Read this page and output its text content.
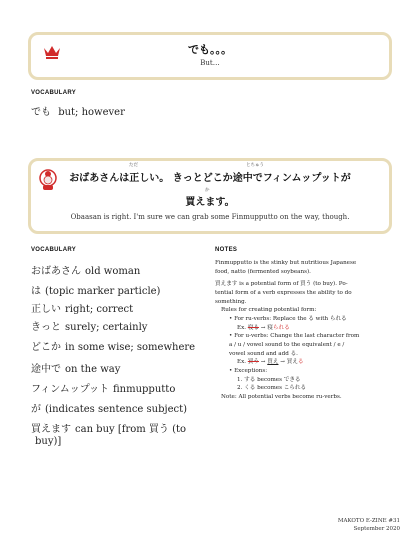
でも。。。
But…
VOCABULARY
でも but; however
ただ	とちゅう
おばあさんは正しい。 きっとどこか途中でフィンムップットが
か
買えます。
Obaasan is right. I'm sure we can grab some Finmupputto on the way, though.
VOCABULARY
おばあさん old woman
は (topic marker particle)
正しい right; correct
きっと surely; certainly
どこか in some wise; somewhere
途中で on the way
フィンムップット finmupputto
が (indicates sentence subject)
買えます can buy [from 買う (to
buy)]
NOTES
Finmupputto is the stinky but nutritious Japanese
food, natto (fermented soybeans).
買えます is a potential form of 買う (to buy). Po-
tential form of a verb expresses the ability to do
something.
Rules for creating potential form:
• For ru-verbs: Replace the る with られる
Ex. 寝る → 寝られる
• For u-verbs: Change the last character from
a / u / vowel sound to the equivalent / e /
vowel sound and add る.
Ex. 買う → 買え → 買える
• Exceptions:
1. する becomes できる
2. くる becomes こられる
Note: All potential verbs become ru-verbs.
MAKOTO E-ZINE #31
September 2020
